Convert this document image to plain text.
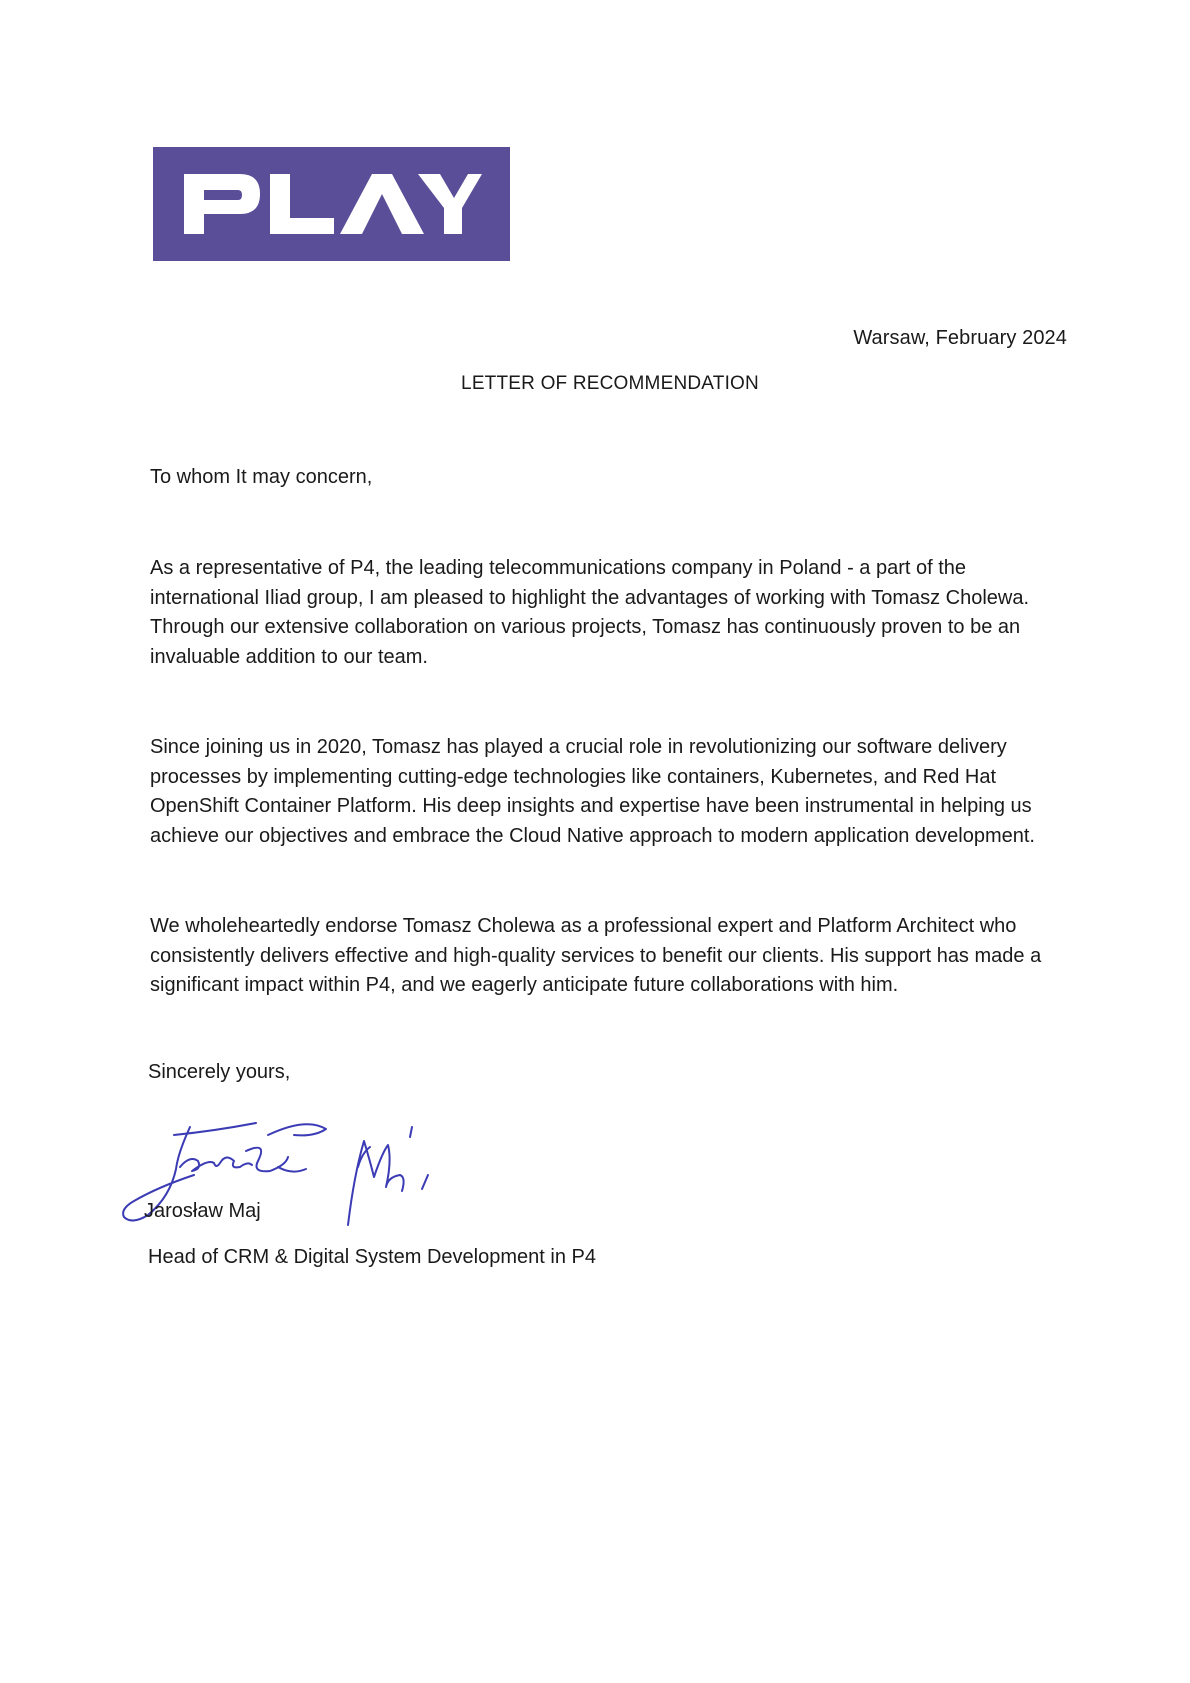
Warsaw, February 2024
LETTER OF RECOMMENDATION
To whom It may concern,

As a representative of P4, the leading telecommunications company in Poland - a part of the international Iliad group, I am pleased to highlight the advantages of working with Tomasz Cholewa. Through our extensive collaboration on various projects, Tomasz has continuously proven to be an invaluable addition to our team.

Since joining us in 2020, Tomasz has played a crucial role in revolutionizing our software delivery processes by implementing cutting-edge technologies like containers, Kubernetes, and Red Hat OpenShift Container Platform. His deep insights and expertise have been instrumental in helping us achieve our objectives and embrace the Cloud Native approach to modern application development.

We wholeheartedly endorse Tomasz Cholewa as a professional expert and Platform Architect who consistently delivers effective and high-quality services to benefit our clients. His support has made a significant impact within P4, and we eagerly anticipate future collaborations with him.

Sincerely yours,
Jarosław Maj
Head of CRM & Digital System Development in P4
